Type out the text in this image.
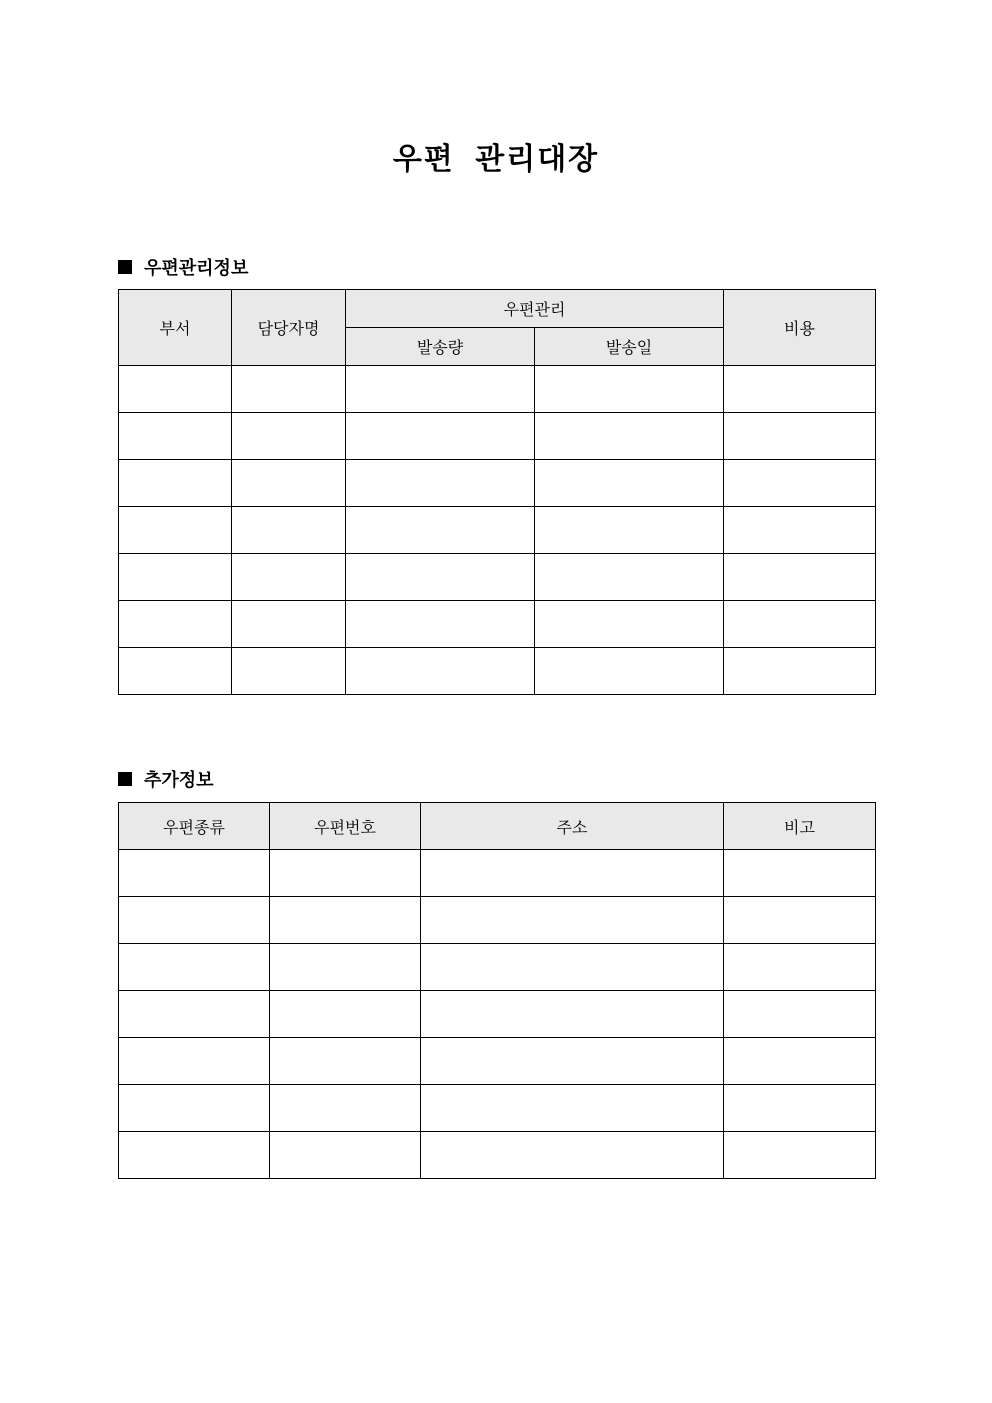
우편 관리대장
우편관리정보
부서	담당자명	우편관리		비용
		발송량	발송일	

추가정보
우편종류	우편번호	주소	비고
